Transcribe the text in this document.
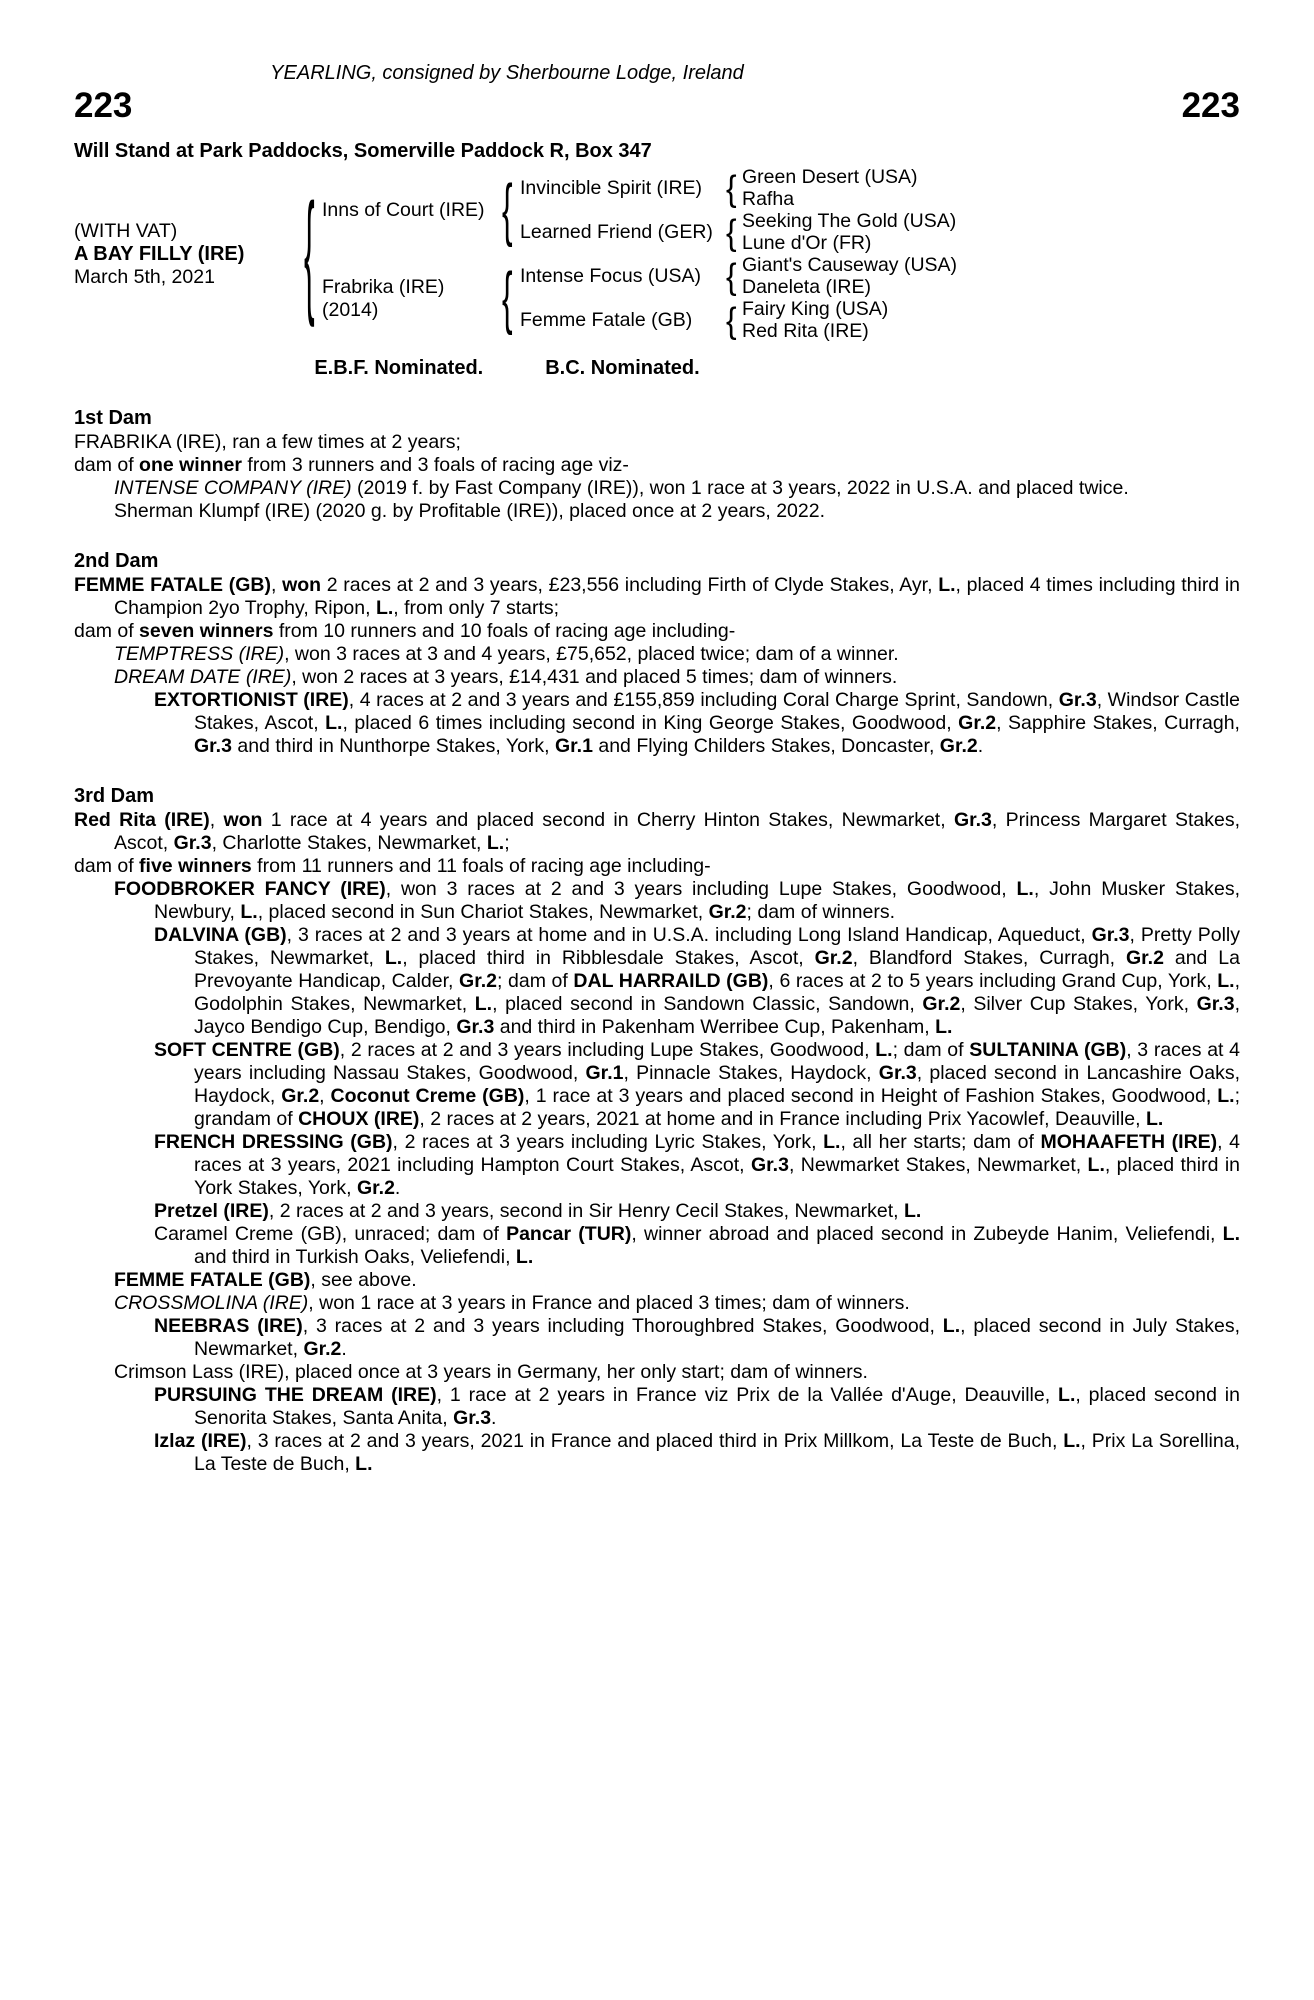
YEARLING, consigned by Sherbourne Lodge, Ireland
223	223
Will Stand at Park Paddocks, Somerville Paddock R, Box 347
(WITH VAT)
A BAY FILLY (IRE)
March 5th, 2021	{ Inns of Court (IRE) { Invincible Spirit (IRE) { Green Desert (USA)
Rafha
Learned Friend (GER) { Seeking The Gold (USA)
Lune d'Or (FR)
Frabrika (IRE)
(2014)	{ Intense Focus (USA) { Giant's Causeway (USA)
Daneleta (IRE)
Femme Fatale (GB) { Fairy King (USA)
Red Rita (IRE)
E.B.F. Nominated.	B.C. Nominated.
1st Dam

FRABRIKA (IRE), ran a few times at 2 years;

dam of one winner from 3 runners and 3 foals of racing age viz-

INTENSE COMPANY (IRE) (2019 f. by Fast Company (IRE)), won 1 race at 3 years, 2022 in U.S.A. and placed twice.

Sherman Klumpf (IRE) (2020 g. by Profitable (IRE)), placed once at 2 years, 2022.

2nd Dam

FEMME FATALE (GB), won 2 races at 2 and 3 years, £23,556 including Firth of Clyde Stakes, Ayr, L., placed 4 times including third in Champion 2yo Trophy, Ripon, L., from only 7 starts;

dam of seven winners from 10 runners and 10 foals of racing age including-

TEMPTRESS (IRE), won 3 races at 3 and 4 years, £75,652, placed twice; dam of a winner.

DREAM DATE (IRE), won 2 races at 3 years, £14,431 and placed 5 times; dam of winners.

EXTORTIONIST (IRE), 4 races at 2 and 3 years and £155,859 including Coral Charge Sprint, Sandown, Gr.3, Windsor Castle Stakes, Ascot, L., placed 6 times including second in King George Stakes, Goodwood, Gr.2, Sapphire Stakes, Curragh, Gr.3 and third in Nunthorpe Stakes, York, Gr.1 and Flying Childers Stakes, Doncaster, Gr.2.

3rd Dam

Red Rita (IRE), won 1 race at 4 years and placed second in Cherry Hinton Stakes, Newmarket, Gr.3, Princess Margaret Stakes, Ascot, Gr.3, Charlotte Stakes, Newmarket, L.;

dam of five winners from 11 runners and 11 foals of racing age including-

FOODBROKER FANCY (IRE), won 3 races at 2 and 3 years including Lupe Stakes, Goodwood, L., John Musker Stakes, Newbury, L., placed second in Sun Chariot Stakes, Newmarket, Gr.2; dam of winners.

DALVINA (GB), 3 races at 2 and 3 years at home and in U.S.A. including Long Island Handicap, Aqueduct, Gr.3, Pretty Polly Stakes, Newmarket, L., placed third in Ribblesdale Stakes, Ascot, Gr.2, Blandford Stakes, Curragh, Gr.2 and La Prevoyante Handicap, Calder, Gr.2; dam of DAL HARRAILD (GB), 6 races at 2 to 5 years including Grand Cup, York, L., Godolphin Stakes, Newmarket, L., placed second in Sandown Classic, Sandown, Gr.2, Silver Cup Stakes, York, Gr.3, Jayco Bendigo Cup, Bendigo, Gr.3 and third in Pakenham Werribee Cup, Pakenham, L.

SOFT CENTRE (GB), 2 races at 2 and 3 years including Lupe Stakes, Goodwood, L.; dam of SULTANINA (GB), 3 races at 4 years including Nassau Stakes, Goodwood, Gr.1, Pinnacle Stakes, Haydock, Gr.3, placed second in Lancashire Oaks, Haydock, Gr.2, Coconut Creme (GB), 1 race at 3 years and placed second in Height of Fashion Stakes, Goodwood, L.; grandam of CHOUX (IRE), 2 races at 2 years, 2021 at home and in France including Prix Yacowlef, Deauville, L.

FRENCH DRESSING (GB), 2 races at 3 years including Lyric Stakes, York, L., all her starts; dam of MOHAAFETH (IRE), 4 races at 3 years, 2021 including Hampton Court Stakes, Ascot, Gr.3, Newmarket Stakes, Newmarket, L., placed third in York Stakes, York, Gr.2.

Pretzel (IRE), 2 races at 2 and 3 years, second in Sir Henry Cecil Stakes, Newmarket, L.

Caramel Creme (GB), unraced; dam of Pancar (TUR), winner abroad and placed second in Zubeyde Hanim, Veliefendi, L. and third in Turkish Oaks, Veliefendi, L.

FEMME FATALE (GB), see above.

CROSSMOLINA (IRE), won 1 race at 3 years in France and placed 3 times; dam of winners.

NEEBRAS (IRE), 3 races at 2 and 3 years including Thoroughbred Stakes, Goodwood, L., placed second in July Stakes, Newmarket, Gr.2.

Crimson Lass (IRE), placed once at 3 years in Germany, her only start; dam of winners.

PURSUING THE DREAM (IRE), 1 race at 2 years in France viz Prix de la Vallée d'Auge, Deauville, L., placed second in Senorita Stakes, Santa Anita, Gr.3.

Izlaz (IRE), 3 races at 2 and 3 years, 2021 in France and placed third in Prix Millkom, La Teste de Buch, L., Prix La Sorellina, La Teste de Buch, L.
